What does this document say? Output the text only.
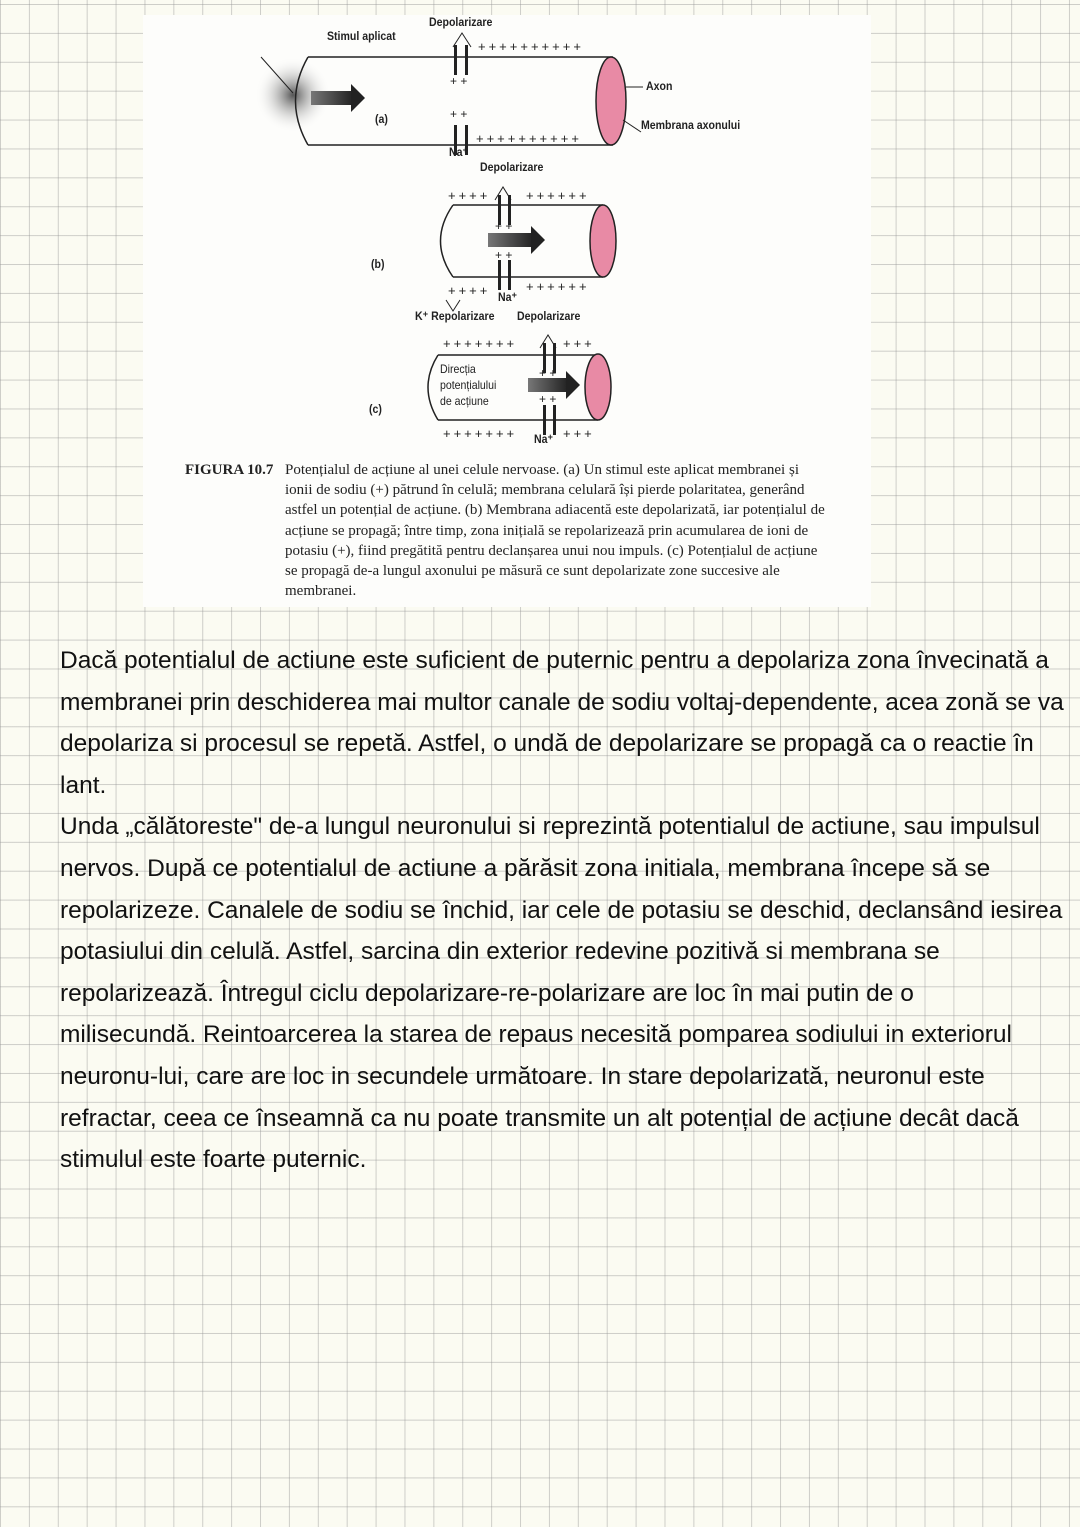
++++++++++
++++++++++
+ +
+ +
++++	++++++
++++	++++++
+ +
+ +
+++++++	+++
+++++++	+++
+ +
+ +
Stimul aplicat
Depolarizare
Axon
Membrana axonului
(a)
Na⁺
Depolarizare
(b)
Na⁺
K⁺ Repolarizare Depolarizare
Direcția
potențialului
de acțiune
(c)
Na⁺
FIGURA 10.7 Potențialul de acțiune al unei celule nervoase. (a) Un stimul este aplicat membranei și ionii de sodiu (+) pătrund în celulă; membrana celulară își pierde polaritatea, generând astfel un potențial de acțiune. (b) Membrana adiacentă este depolarizată, iar potențialul de acțiune se propagă; între timp, zona inițială se repolarizează prin acumularea de ioni de potasiu (+), fiind pregătită pentru declanșarea unui nou impuls. (c) Potențialul de acțiune se propagă de-a lungul axonului pe măsură ce sunt depolarizate zone succesive ale membranei.
Dacă potentialul de actiune este suficient de puternic pentru a depolariza zona învecinată a
membranei prin deschiderea mai multor canale de sodiu voltaj-dependente, acea zonă se va
depolariza si procesul se repetă. Astfel, o undă de depolarizare se propagă ca o reactie în
lant.
Unda „călătoreste" de-a lungul neuronului si reprezintă potentialul de actiune, sau impulsul
nervos. După ce potentialul de actiune a părăsit zona initiala, membrana începe să se
repolarizeze. Canalele de sodiu se închid, iar cele de potasiu se deschid, declansând iesirea
potasiului din celulă. Astfel, sarcina din exterior redevine pozitivă si membrana se
repolarizează. Întregul ciclu depolarizare-re-polarizare are loc în mai putin de o
milisecundă. Reintoarcerea la starea de repaus necesită pomparea sodiului in exteriorul
neuronu-lui, care are loc in secundele următoare. In stare depolarizată, neuronul este
refractar, ceea ce înseamnă ca nu poate transmite un alt potențial de acțiune decât dacă
stimulul este foarte puternic.
